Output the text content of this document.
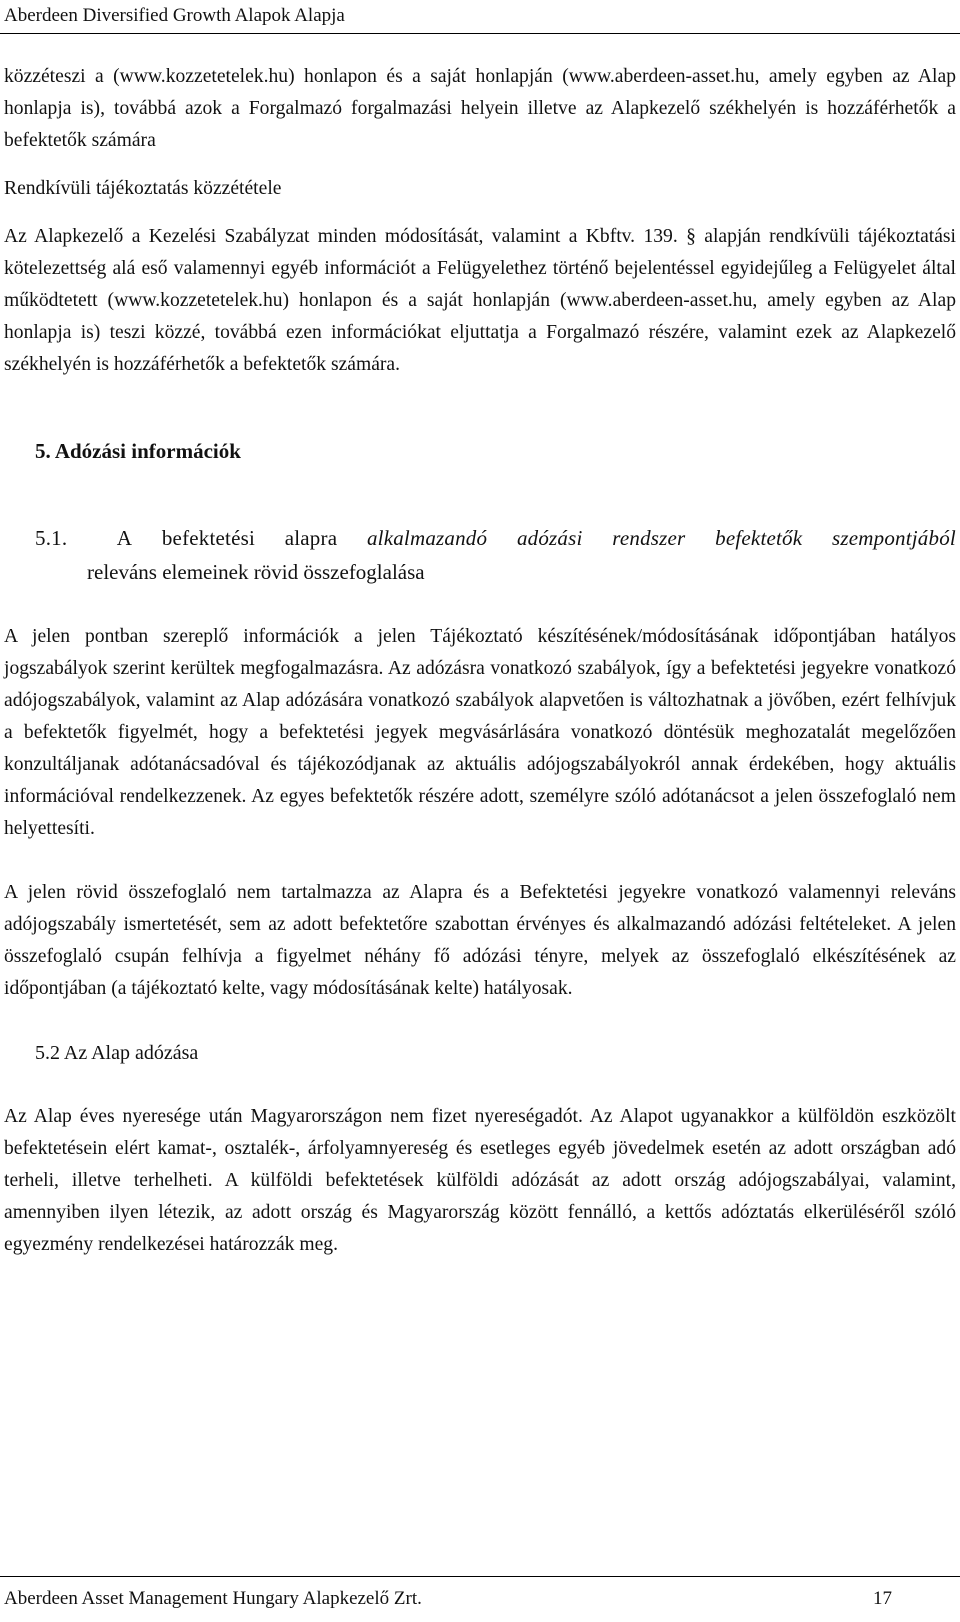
Aberdeen Diversified Growth Alapok Alapja

közzéteszi a (www.kozzetetelek.hu) honlapon és a saját honlapján (www.aberdeen-asset.hu, amely egyben az Alap honlapja is), továbbá azok a Forgalmazó forgalmazási helyein illetve az Alapkezelő székhelyén is hozzáférhetők a befektetők számára

Rendkívüli tájékoztatás közzététele

Az Alapkezelő a Kezelési Szabályzat minden módosítását, valamint a Kbftv. 139. § alapján rendkívüli tájékoztatási kötelezettség alá eső valamennyi egyéb információt a Felügyelethez történő bejelentéssel egyidejűleg a Felügyelet által működtetett (www.kozzetetelek.hu) honlapon és a saját honlapján (www.aberdeen-asset.hu, amely egyben az Alap honlapja is) teszi közzé, továbbá ezen információkat eljuttatja a Forgalmazó részére, valamint ezek az Alapkezelő székhelyén is hozzáférhetők a befektetők számára.

5. Adózási információk
5.1.	A befektetési alapra alkalmazandó adózási rendszer befektetők szempontjából
releváns elemeinek rövid összefoglalása

A jelen pontban szereplő információk a jelen Tájékoztató készítésének/módosításának időpontjában hatályos jogszabályok szerint kerültek megfogalmazásra. Az adózásra vonatkozó szabályok, így a befektetési jegyekre vonatkozó adójogszabályok, valamint az Alap adózására vonatkozó szabályok alapvetően is változhatnak a jövőben, ezért felhívjuk a befektetők figyelmét, hogy a befektetési jegyek megvásárlására vonatkozó döntésük meghozatalát megelőzően konzultáljanak adótanácsadóval és tájékozódjanak az aktuális adójogszabályokról annak érdekében, hogy aktuális információval rendelkezzenek. Az egyes befektetők részére adott, személyre szóló adótanácsot a jelen összefoglaló nem helyettesíti.

A jelen rövid összefoglaló nem tartalmazza az Alapra és a Befektetési jegyekre vonatkozó valamennyi releváns adójogszabály ismertetését, sem az adott befektetőre szabottan érvényes és alkalmazandó adózási feltételeket. A jelen összefoglaló csupán felhívja a figyelmet néhány fő adózási tényre, melyek az összefoglaló elkészítésének az időpontjában (a tájékoztató kelte, vagy módosításának kelte) hatályosak.

5.2 Az Alap adózása

Az Alap éves nyeresége után Magyarországon nem fizet nyereségadót. Az Alapot ugyanakkor a külföldön eszközölt befektetésein elért kamat-, osztalék-, árfolyamnyereség és esetleges egyéb jövedelmek esetén az adott országban adó terheli, illetve terhelheti. A külföldi befektetések külföldi adózását az adott ország adójogszabályai, valamint, amennyiben ilyen létezik, az adott ország és Magyarország között fennálló, a kettős adóztatás elkerüléséről szóló egyezmény rendelkezései határozzák meg.

Aberdeen Asset Management Hungary Alapkezelő Zrt.	17
